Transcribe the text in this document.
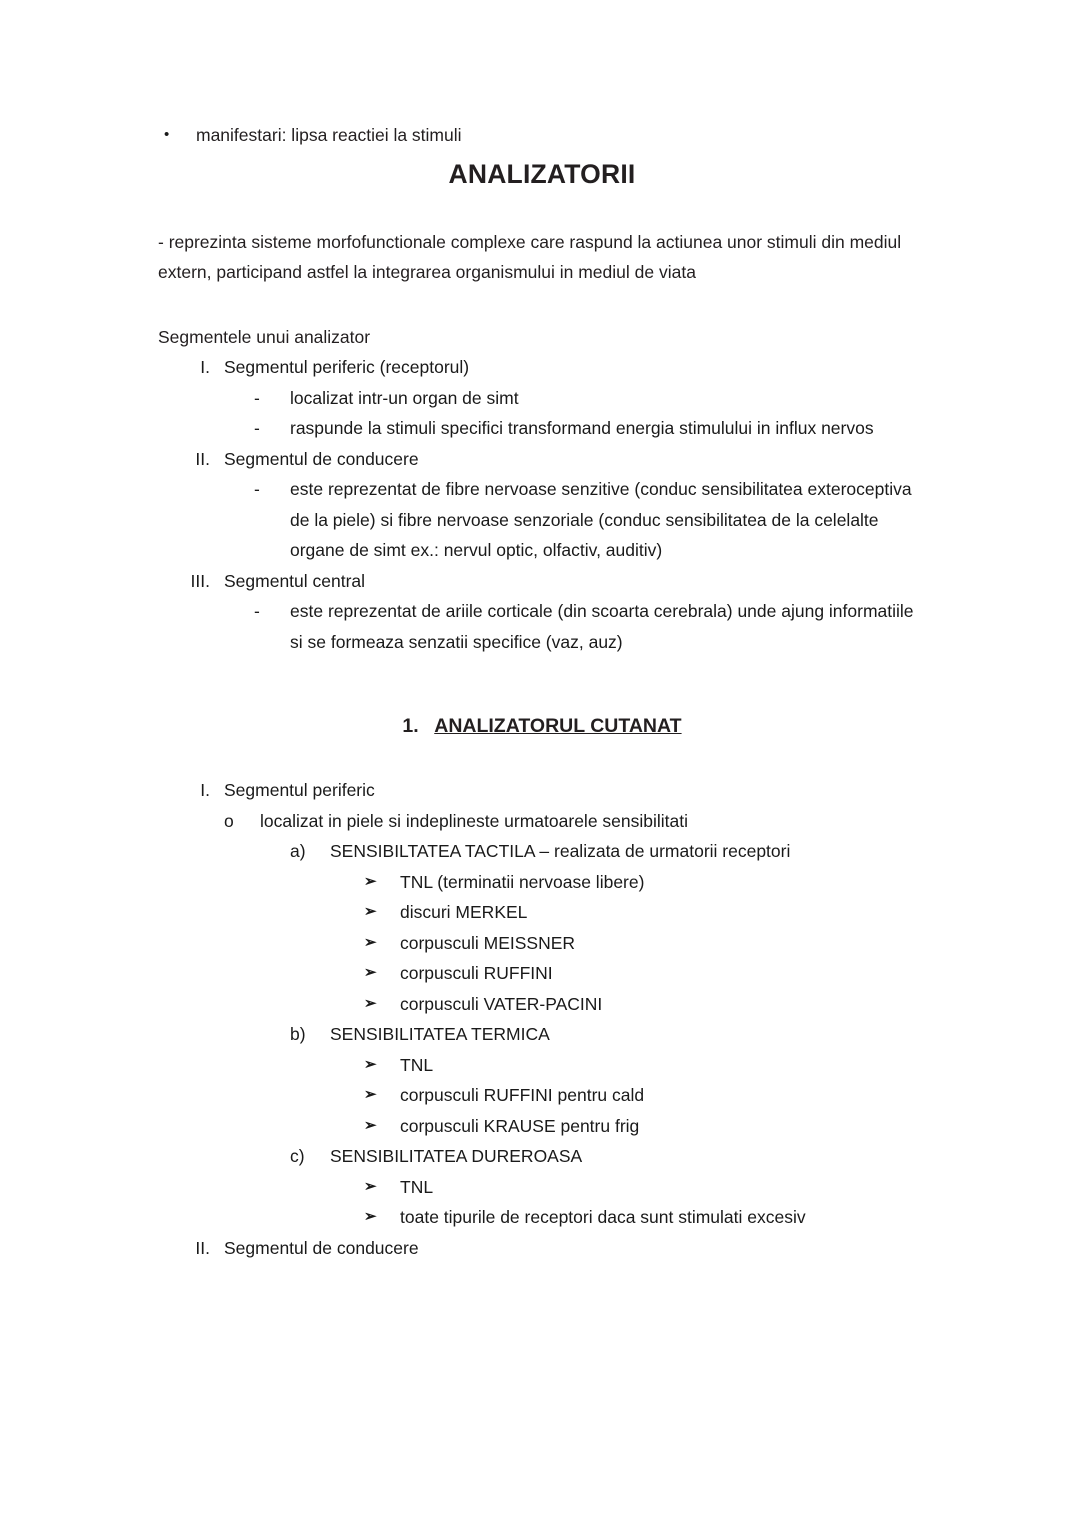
•	manifestari: lipsa reactiei la stimuli
ANALIZATORII
- reprezinta sisteme morfofunctionale complexe care raspund la actiunea unor stimuli din mediul extern, participand astfel la integrarea organismului in mediul de viata
Segmentele unui analizator
I. Segmentul periferic (receptorul)
-	localizat intr-un organ de simt
-	raspunde la stimuli specifici transformand energia stimulului in influx nervos
II. Segmentul de conducere
-	este reprezentat de fibre nervoase senzitive (conduc sensibilitatea exteroceptiva de la piele) si fibre nervoase senzoriale (conduc sensibilitatea de la celelalte organe de simt ex.: nervul optic, olfactiv, auditiv)
III. Segmentul central
-	este reprezentat de ariile corticale (din scoarta cerebrala) unde ajung informatiile si se formeaza senzatii specifice (vaz, auz)
1. ANALIZATORUL CUTANAT
I. Segmentul periferic
o	localizat in piele si indeplineste urmatoarele sensibilitati
a)	SENSIBILTATEA TACTILA – realizata de urmatorii receptori
➢	TNL (terminatii nervoase libere)
➢	discuri MERKEL
➢	corpusculi MEISSNER
➢	corpusculi RUFFINI
➢	corpusculi VATER-PACINI
b)	SENSIBILITATEA TERMICA
➢	TNL
➢	corpusculi RUFFINI pentru cald
➢	corpusculi KRAUSE pentru frig
c)	SENSIBILITATEA DUREROASA
➢	TNL
➢	toate tipurile de receptori daca sunt stimulati excesiv
II. Segmentul de conducere
